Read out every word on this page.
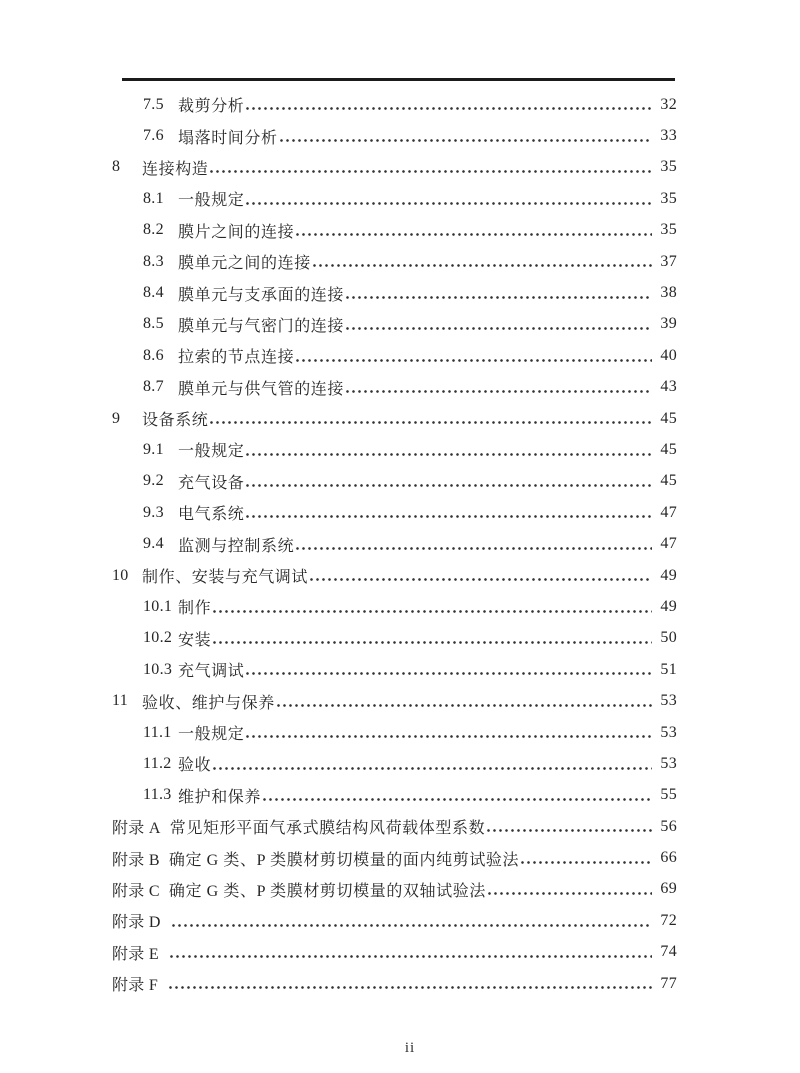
7.5 裁剪分析	32
7.6 塌落时间分析	33
8	连接构造	35
8.1 一般规定	35
8.2 膜片之间的连接	35
8.3 膜单元之间的连接	37
8.4 膜单元与支承面的连接	38
8.5 膜单元与气密门的连接	39
8.6 拉索的节点连接	40
8.7 膜单元与供气管的连接	43
9	设备系统	45
9.1 一般规定	45
9.2 充气设备	45
9.3 电气系统	47
9.4 监测与控制系统	47
10 制作、安装与充气调试	49
10.1 制作	49
10.2 安装	50
10.3 充气调试	51
11 验收、维护与保养	53
11.1 一般规定	53
11.2 验收	53
11.3 维护和保养	55
附录 A 常见矩形平面气承式膜结构风荷载体型系数	56
附录 B 确定 G 类、P 类膜材剪切模量的面内纯剪试验法	66
附录 C 确定 G 类、P 类膜材剪切模量的双轴试验法	69
附录 D	72
附录 E	74
附录 F	77
ii
